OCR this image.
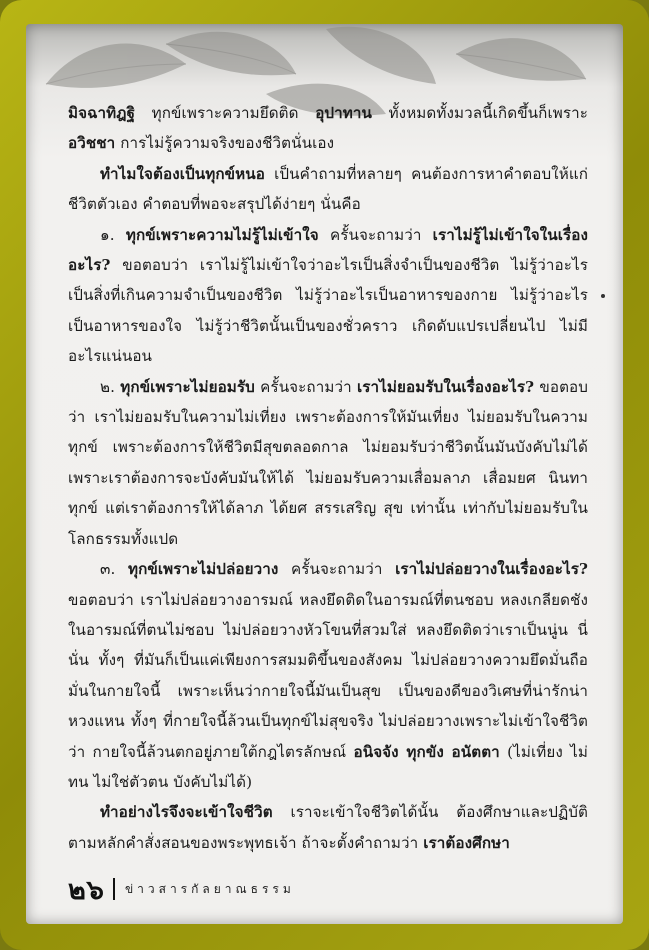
มิจฉาทิฎฐิ ทุกข์เพราะความยึดติด อุปาทาน ทั้งหมดทั้งมวลนี้เกิดขึ้นก็เพราะ อวิชชา การไม่รู้ความจริงของชีวิตนั่นเอง

ทำไมใจต้องเป็นทุกข์หนอ เป็นคำถามที่หลายๆ คนต้องการหาคำตอบให้แก่ชีวิตตัวเอง คำตอบที่พอจะสรุปได้ง่ายๆ นั่นคือ

๑. ทุกข์เพราะความไม่รู้ไม่เข้าใจ ครั้นจะถามว่า เราไม่รู้ไม่เข้าใจในเรื่องอะไร? ขอตอบว่า เราไม่รู้ไม่เข้าใจว่าอะไรเป็นสิ่งจำเป็นของชีวิต ไม่รู้ว่าอะไรเป็นสิ่งที่เกินความจำเป็นของชีวิต ไม่รู้ว่าอะไรเป็นอาหารของกาย ไม่รู้ว่าอะไรเป็นอาหารของใจ ไม่รู้ว่าชีวิตนั้นเป็นของชั่วคราว เกิดดับแปรเปลี่ยนไป ไม่มีอะไรแน่นอน

๒. ทุกข์เพราะไม่ยอมรับ ครั้นจะถามว่า เราไม่ยอมรับในเรื่องอะไร? ขอตอบว่า เราไม่ยอมรับในความไม่เที่ยง เพราะต้องการให้มันเที่ยง ไม่ยอมรับในความทุกข์ เพราะต้องการให้ชีวิตมีสุขตลอดกาล ไม่ยอมรับว่าชีวิตนั้นมันบังคับไม่ได้ เพราะเราต้องการจะบังคับมันให้ได้ ไม่ยอมรับความเสื่อมลาภ เสื่อมยศ นินทา ทุกข์ แต่เราต้องการให้ได้ลาภ ได้ยศ สรรเสริญ สุข เท่านั้น เท่ากับไม่ยอมรับในโลกธรรมทั้งแปด

๓. ทุกข์เพราะไม่ปล่อยวาง ครั้นจะถามว่า เราไม่ปล่อยวางในเรื่องอะไร? ขอตอบว่า เราไม่ปล่อยวางอารมณ์ หลงยึดติดในอารมณ์ที่ตนชอบ หลงเกลียดชังในอารมณ์ที่ตนไม่ชอบ ไม่ปล่อยวางหัวโขนที่สวมใส่ หลงยึดติดว่าเราเป็นนู่น นี่ นั่น ทั้งๆ ที่มันก็เป็นแค่เพียงการสมมติขึ้นของสังคม ไม่ปล่อยวางความยึดมั่นถือมั่นในกายใจนี้ เพราะเห็นว่ากายใจนี้มันเป็นสุข เป็นของดีของวิเศษที่น่ารักน่าหวงแหน ทั้งๆ ที่กายใจนี้ล้วนเป็นทุกข์ไม่สุขจริง ไม่ปล่อยวางเพราะไม่เข้าใจชีวิตว่า กายใจนี้ล้วนตกอยู่ภายใต้กฎไตรลักษณ์ อนิจจัง ทุกขัง อนัตตา (ไม่เที่ยง ไม่ทน ไม่ใช่ตัวตน บังคับไม่ได้)

ทำอย่างไรจึงจะเข้าใจชีวิต เราจะเข้าใจชีวิตได้นั้น ต้องศึกษาและปฏิบัติตามหลักคำสั่งสอนของพระพุทธเจ้า ถ้าจะตั้งคำถามว่า เราต้องศึกษา

๒๖ ข่าวสารกัลยาณธรรม
